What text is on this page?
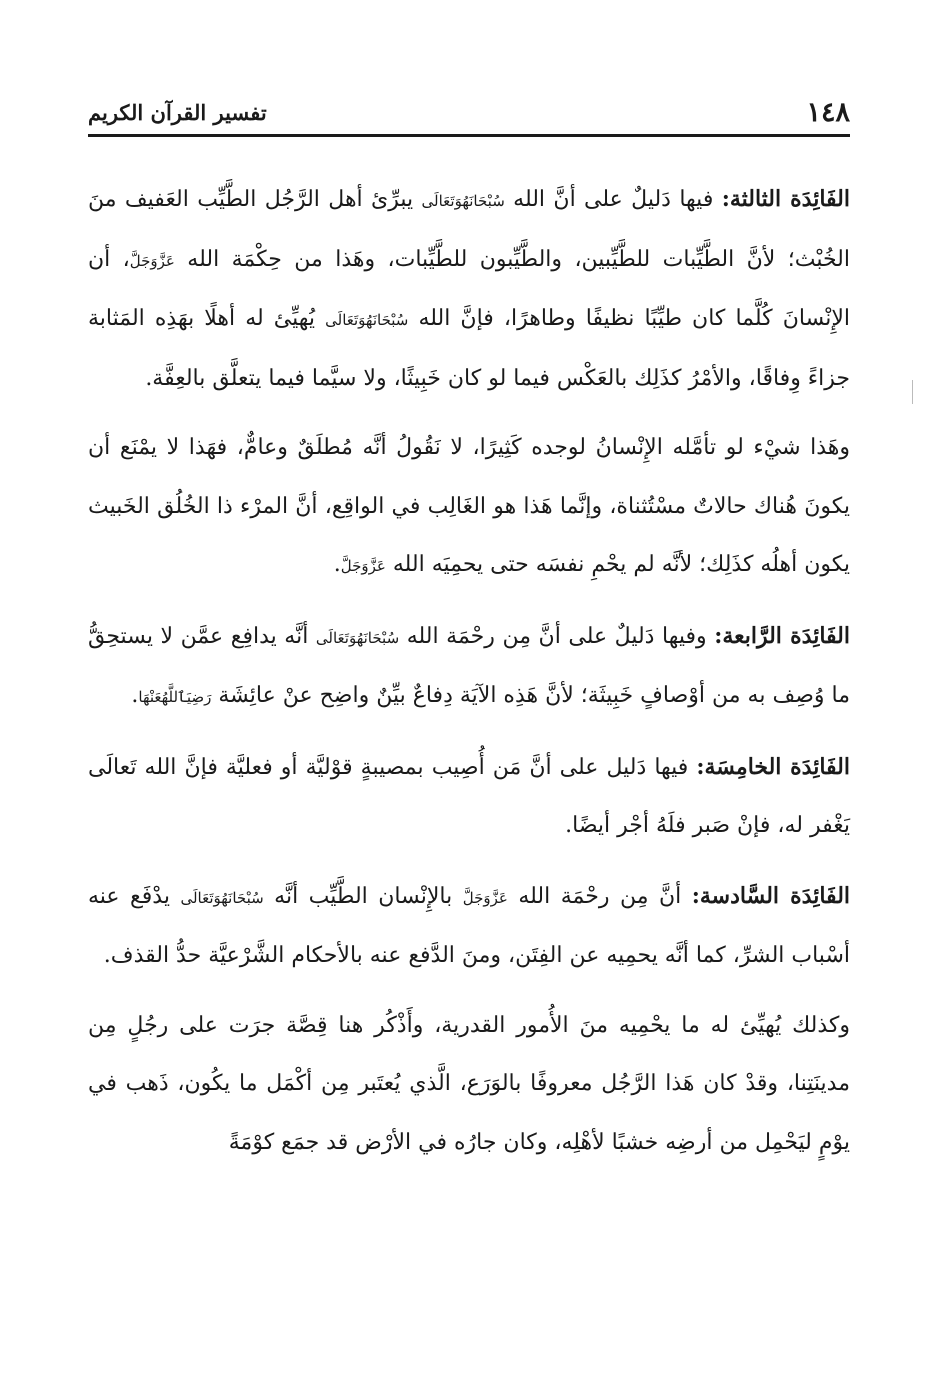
١٤٨
تفسير القرآن الكريم

الفَائِدَة الثالثة: فيها دَليلٌ على أنَّ الله سُبْحَانَهُوَتَعَالَى يبرِّئ أهل الرَّجُل الطَّيِّب العَفيف منَ الخُبْث؛ لأنَّ الطَّيِّبات للطَّيِّبين، والطَّيِّبون للطَّيِّبات، وهَذا من حِكْمَة الله عَزَّوَجَلَّ، أن الإِنْسانَ كُلَّما كان طيِّبًا نظيفًا وطاهرًا، فإنَّ الله سُبْحَانَهُوَتَعَالَى يُهيِّئ له أهلًا بهَذِه المَثابة جزاءً وِفاقًا، والأمْرُ كذَلِك بالعَكْس فيما لو كان خَبِيثًا، ولا سيَّما فيما يتعلَّق بالعِفَّة.

وهَذا شيْء لو تأمَّله الإِنْسانُ لوجده كَثِيرًا، لا نَقُولُ أنَّه مُطلَقٌ وعامٌّ، فهَذا لا يمْنَع أن يكونَ هُناك حالاتٌ مسْتُثناة، وإنَّما هَذا هو الغَالِب في الواقِع، أنَّ المرْء ذا الخُلُق الخَبيث يكون أهلُه كذَلِك؛ لأنَّه لم يحْمِ نفسَه حتى يحمِيَه الله عَزَّوَجَلَّ.

الفَائِدَة الرَّابعة: وفيها دَليلٌ على أنَّ مِن رحْمَة الله سُبْحَانَهُوَتَعَالَى أنَّه يدافِع عمَّن لا يستحِقُّ ما وُصِف به من أوْصافٍ خَبِيثَة؛ لأنَّ هَذِه الآيَة دِفاعٌ بيِّنٌ واضِح عنْ عائِشَة رَضِيَٱللَّهُعَنْهَا.

الفَائِدَة الخامِسَة: فيها دَليل على أنَّ مَن أُصِيب بمصيبةٍ قوْليَّة أو فعليَّة فإنَّ الله تَعالَى يَغْفر له، فإنْ صَبر فلَهُ أجْر أيضًا.

الفَائِدَة السَّادسة: أنَّ مِن رحْمَة الله عَزَّوَجَلَّ بالإِنْسان الطَّيِّب أنَّه سُبْحَانَهُوَتَعَالَى يدْفَع عنه أسْباب الشرِّ، كما أنَّه يحمِيه عن الفِتَن، ومنَ الدَّفع عنه بالأحكام الشَّرْعيَّة حدُّ القذف.

وكذلك يُهيِّئ له ما يحْمِيه منَ الأُمور القدرية، وأَذْكُر هنا قِصَّة جرَت على رجُلٍ مِن مدينَتِنا، وقدْ كان هَذا الرَّجُل معروفًا بالوَرَع، الَّذي يُعتَبر مِن أكْمَل ما يكُون، ذَهب في يوْمٍ ليَحْمِل من أرضِه خشبًا لأهْلِه، وكان جارُه في الأرْض قد جمَع كوْمَةً
